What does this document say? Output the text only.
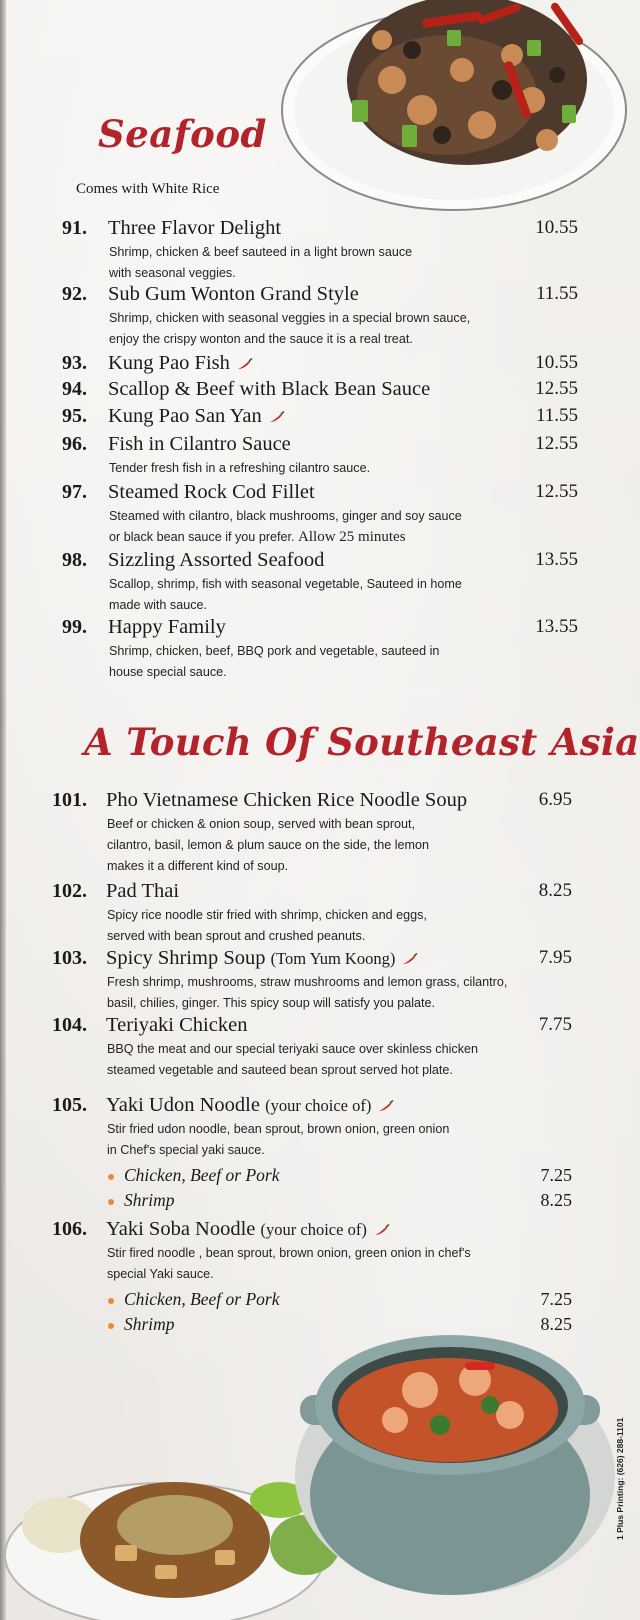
Seafood
Comes with White Rice
91. Three Flavor Delight	10.55
Shrimp, chicken & beef sauteed in a light brown sauce
with seasonal veggies.
92. Sub Gum Wonton Grand Style	11.55
Shrimp, chicken with seasonal veggies in a special brown sauce,
enjoy the crispy wonton and the sauce it is a real treat.
93. Kung Pao Fish	10.55
94. Scallop & Beef with Black Bean Sauce	12.55
95. Kung Pao San Yan	11.55
96. Fish in Cilantro Sauce	12.55
Tender fresh fish in a refreshing cilantro sauce.
97. Steamed Rock Cod Fillet	12.55
Steamed with cilantro, black mushrooms, ginger and soy sauce
or black bean sauce if you prefer. Allow 25 minutes
98. Sizzling Assorted Seafood	13.55
Scallop, shrimp, fish with seasonal vegetable, Sauteed in home
made with sauce.
99. Happy Family	13.55
Shrimp, chicken, beef, BBQ pork and vegetable, sauteed in
house special sauce.
A Touch Of Southeast Asia
101. Pho Vietnamese Chicken Rice Noodle Soup	6.95
Beef or chicken & onion soup, served with bean sprout,
cilantro, basil, lemon & plum sauce on the side, the lemon
makes it a different kind of soup.
102. Pad Thai	8.25
Spicy rice noodle stir fried with shrimp, chicken and eggs,
served with bean sprout and crushed peanuts.
103. Spicy Shrimp Soup (Tom Yum Koong)	7.95
Fresh shrimp, mushrooms, straw mushrooms and lemon grass, cilantro,
basil, chilies, ginger. This spicy soup will satisfy you palate.
104. Teriyaki Chicken	7.75
BBQ the meat and our special teriyaki sauce over skinless chicken
steamed vegetable and sauteed bean sprout served hot plate.
105. Yaki Udon Noodle (your choice of)
Stir fried udon noodle, bean sprout, brown onion, green onion
in Chef's special yaki sauce.
Chicken, Beef or Pork	7.25
Shrimp	8.25
106. Yaki Soba Noodle (your choice of)
Stir fired noodle , bean sprout, brown onion, green onion in chef's
special Yaki sauce.
Chicken, Beef or Pork	7.25
Shrimp	8.25
1 Plus Printing: (626) 288-1101
